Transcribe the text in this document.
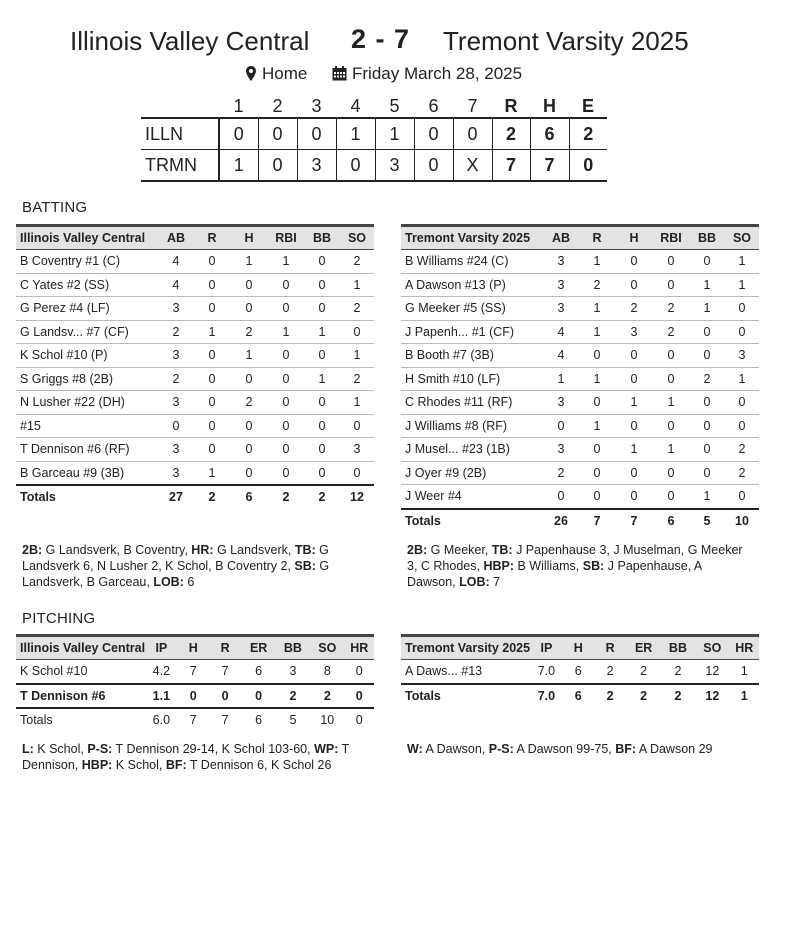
Illinois Valley Central 2 - 7 Tremont Varsity 2025
Home	Friday March 28, 2025
	1	2	3	4	5	6	7	R	H	E
ILLN	0	0	0	1	1	0	0	2	6	2
TRMN	1	0	3	0	3	0	X	7	7	0
BATTING
Illinois Valley Central	AB	R	H	RBI	BB	SO
B Coventry #1 (C)	4	0	1	1	0	2
C Yates #2 (SS)	4	0	0	0	0	1
G Perez #4 (LF)	3	0	0	0	0	2
G Landsv... #7 (CF)	2	1	2	1	1	0
K Schol #10 (P)	3	0	1	0	0	1
S Griggs #8 (2B)	2	0	0	0	1	2
N Lusher #22 (DH)	3	0	2	0	0	1
#15	0	0	0	0	0	0
T Dennison #6 (RF)	3	0	0	0	0	3
B Garceau #9 (3B)	3	1	0	0	0	0
Totals	27	2	6	2	2	12
Tremont Varsity 2025	AB	R	H	RBI	BB	SO
B Williams #24 (C)	3	1	0	0	0	1
A Dawson #13 (P)	3	2	0	0	1	1
G Meeker #5 (SS)	3	1	2	2	1	0
J Papenh... #1 (CF)	4	1	3	2	0	0
B Booth #7 (3B)	4	0	0	0	0	3
H Smith #10 (LF)	1	1	0	0	2	1
C Rhodes #11 (RF)	3	0	1	1	0	0
J Williams #8 (RF)	0	1	0	0	0	0
J Musel... #23 (1B)	3	0	1	1	0	2
J Oyer #9 (2B)	2	0	0	0	0	2
J Weer #4	0	0	0	0	1	0
Totals	26	7	7	6	5	10
2B: G Landsverk, B Coventry, HR: G Landsverk, TB: G Landsverk 6, N Lusher 2, K Schol, B Coventry 2, SB: G Landsverk, B Garceau, LOB: 6
2B: G Meeker, TB: J Papenhause 3, J Muselman, G Meeker 3, C Rhodes, HBP: B Williams, SB: J Papenhause, A Dawson, LOB: 7
PITCHING
Illinois Valley Central	IP	H	R	ER	BB	SO	HR
K Schol #10	4.2	7	7	6	3	8	0
T Dennison #6	1.1	0	0	0	2	2	0
Totals	6.0	7	7	6	5	10	0
Tremont Varsity 2025	IP	H	R	ER	BB	SO	HR
A Daws... #13	7.0	6	2	2	2	12	1
Totals	7.0	6	2	2	2	12	1
L: K Schol, P-S: T Dennison 29-14, K Schol 103-60, WP: T Dennison, HBP: K Schol, BF: T Dennison 6, K Schol 26
W: A Dawson, P-S: A Dawson 99-75, BF: A Dawson 29
